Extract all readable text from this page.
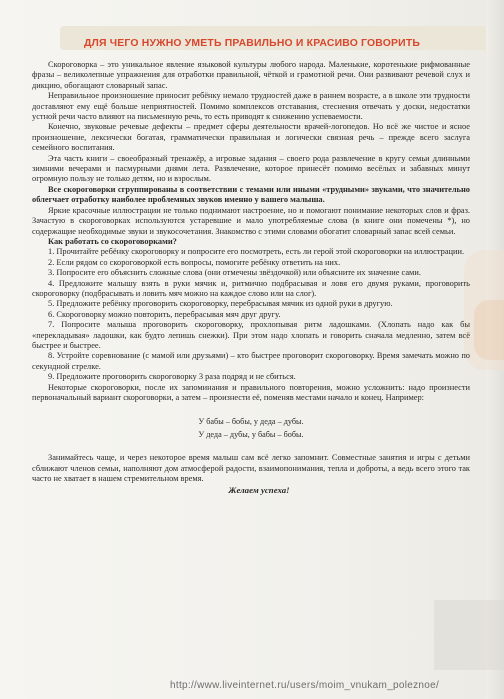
ДЛЯ ЧЕГО НУЖНО УМЕТЬ ПРАВИЛЬНО И КРАСИВО ГОВОРИТЬ

Скороговорка – это уникальное явление языковой культуры любого народа. Маленькие, коротенькие рифмованные фразы – великолепные упражнения для отработки правильной, чёткой и грамотной речи. Они развивают речевой слух и дикцию, обогащают словарный запас.

Неправильное произношение приносит ребёнку немало трудностей даже в раннем возрасте, а в школе эти трудности доставляют ему ещё больше неприятностей. Помимо комплексов отставания, стеснения отвечать у доски, недостатки устной речи часто влияют на письменную речь, то есть приводят к снижению успеваемости.

Конечно, звуковые речевые дефекты – предмет сферы деятельности врачей-логопедов. Но всё же чистое и ясное произношение, лексически богатая, грамматически правильная и логически связная речь – прежде всего заслуга семейного воспитания.

Эта часть книги – своеобразный тренажёр, а игровые задания – своего рода развлечение в кругу семьи длинными зимними вечерами и пасмурными днями лета. Развлечение, которое принесёт помимо весёлых и забавных минут огромную пользу не только детям, но и взрослым.

Все скороговорки сгруппированы в соответствии с темами или иными «трудными» звуками, что значительно облегчает отработку наиболее проблемных звуков именно у вашего малыша.

Яркие красочные иллюстрации не только поднимают настроение, но и помогают понимание некоторых слов и фраз. Зачастую в скороговорках используются устаревшие и мало употребляемые слова (в книге они помечены *), но содержащие необходимые звуки и звукосочетания. Знакомство с этими словами обогатит словарный запас всей семьи.

Как работать со скороговорками?

1. Прочитайте ребёнку скороговорку и попросите его посмотреть, есть ли герой этой скороговорки на иллюстрации.

2. Если рядом со скороговоркой есть вопросы, помогите ребёнку ответить на них.

3. Попросите его объяснить сложные слова (они отмечены звёздочкой) или объясните их значение сами.

4. Предложите малышу взять в руки мячик и, ритмично подбрасывая и ловя его двумя руками, проговорить скороговорку (подбрасывать и ловить мяч можно на каждое слово или на слог).

5. Предложите ребёнку проговорить скороговорку, перебрасывая мячик из одной руки в другую.

6. Скороговорку можно повторить, перебрасывая мяч друг другу.

7. Попросите малыша проговорить скороговорку, прохлопывая ритм ладошками. (Хлопать надо как бы «перекладывая» ладошки, как будто лепишь снежки). При этом надо хлопать и говорить сначала медленно, затем всё быстрее и быстрее.

8. Устройте соревнование (с мамой или друзьями) – кто быстрее проговорит скороговорку. Время замечать можно по секундной стрелке.

9. Предложите проговорить скороговорку 3 раза подряд и не сбиться.

Некоторые скороговорки, после их запоминания и правильного повторения, можно усложнить: надо произнести первоначальный вариант скороговорки, а затем – произнести её, поменяв местами начало и конец. Например:

У бабы – бобы, у деда – дубы.
У деда – дубы, у бабы – бобы.

Занимайтесь чаще, и через некоторое время малыш сам всё легко запомнит. Совместные занятия и игры с детьми сближают членов семьи, наполняют дом атмосферой радости, взаимопонимания, тепла и доброты, а ведь всего этого так часто не хватает в нашем стремительном время.

Желаем успеха!

http://www.liveinternet.ru/users/moim_vnukam_poleznoe/
